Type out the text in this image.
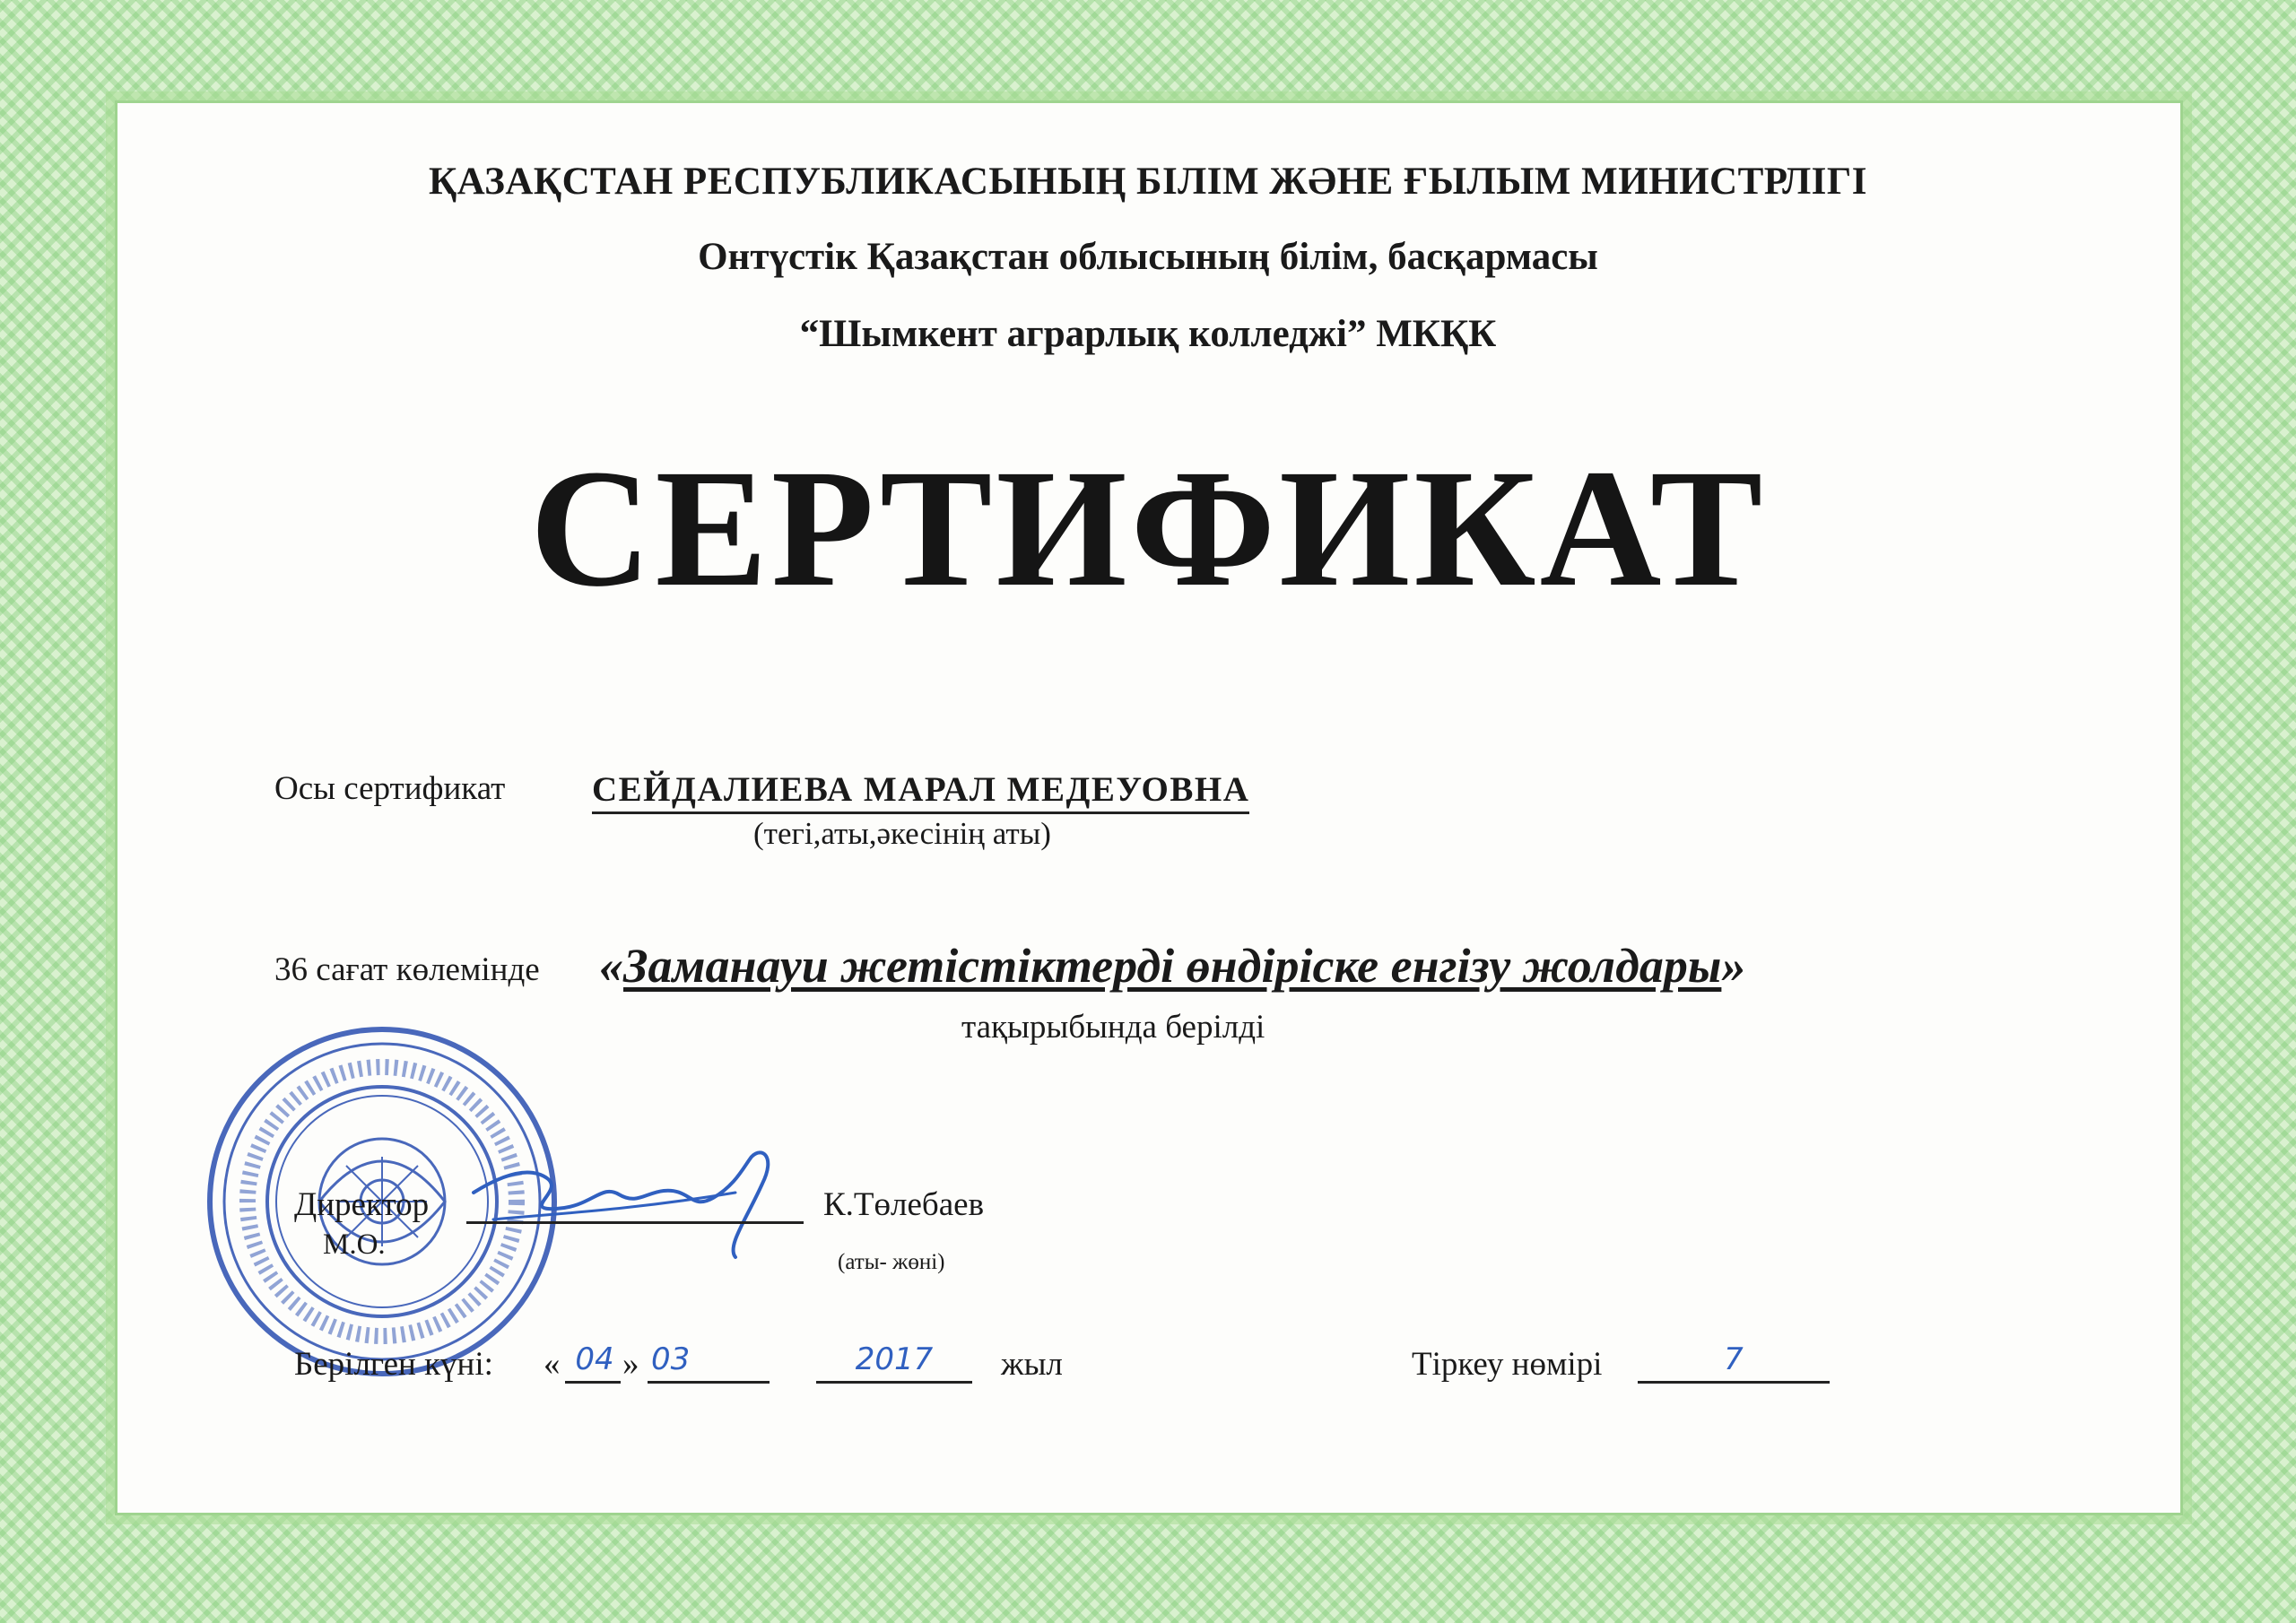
ҚАЗАҚСТАН РЕСПУБЛИКАСЫНЫҢ БІЛІМ ЖӘНЕ ҒЫЛЫМ МИНИСТРЛІГІ
Онтүстік Қазақстан облысының білім, басқармасы
“Шымкент аграрлық колледжі” МКҚК
СЕРТИФИКАТ
Осы сертификат СЕЙДАЛИЕВА МАРАЛ МЕДЕУОВНА
(тегі,аты,әкесінің аты)
36 сағат көлемінде «Заманауи жетістіктерді өндіріске енгізу жолдары»
тақырыбында берілді
Директор	К.Төлебаев
(аты- жөні)
М.О.
Берілген күні: « 04 » 03	2017	жыл	Тіркеу нөмірі	7
